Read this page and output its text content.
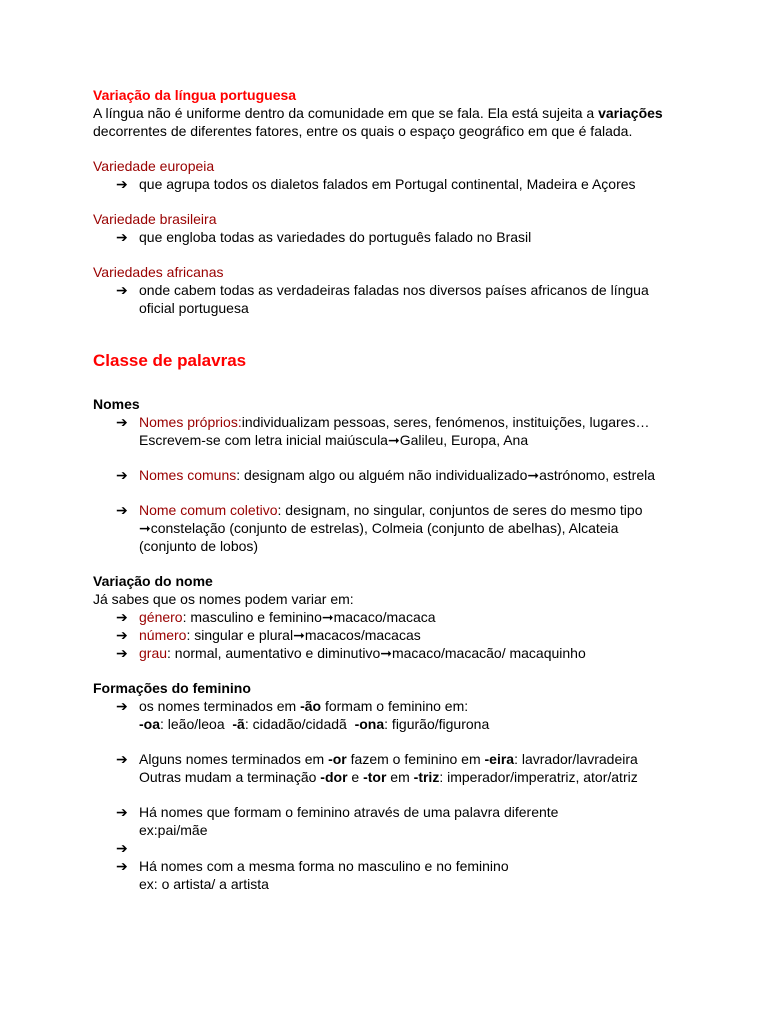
Variação da língua portuguesa

A língua não é uniforme dentro da comunidade em que se fala. Ela está sujeita a variações
decorrentes de diferentes fatores, entre os quais o espaço geográfico em que é falada.

Variedade europeia

➔ que agrupa todos os dialetos falados em Portugal continental, Madeira e Açores

Variedade brasileira

➔ que engloba todas as variedades do português falado no Brasil

Variedades africanas

➔ onde cabem todas as verdadeiras faladas nos diversos países africanos de língua
oficial portuguesa

Classe de palavras

Nomes

➔ Nomes próprios:individualizam pessoas, seres, fenómenos, instituições, lugares…
Escrevem-se com letra inicial maiúscula➞Galileu, Europa, Ana
➔ Nomes comuns: designam algo ou alguém não individualizado➞astrónomo, estrela
➔ Nome comum coletivo: designam, no singular, conjuntos de seres do mesmo tipo
➞constelação (conjunto de estrelas), Colmeia (conjunto de abelhas), Alcateia
(conjunto de lobos)

Variação do nome

Já sabes que os nomes podem variar em:

➔ género: masculino e feminino➞macaco/macaca
➔ número: singular e plural➞macacos/macacas
➔ grau: normal, aumentativo e diminutivo➞macaco/macacão/ macaquinho

Formações do feminino

➔ os nomes terminados em -ão formam o feminino em:
-oa: leão/leoa  -ã: cidadão/cidadã  -ona: figurão/figurona
➔ Alguns nomes terminados em -or fazem o feminino em -eira: lavrador/lavradeira
Outras mudam a terminação -dor e -tor em -triz: imperador/imperatriz, ator/atriz
➔ Há nomes que formam o feminino através de uma palavra diferente
ex:pai/mãe
➔

➔ Há nomes com a mesma forma no masculino e no feminino
ex: o artista/ a artista
